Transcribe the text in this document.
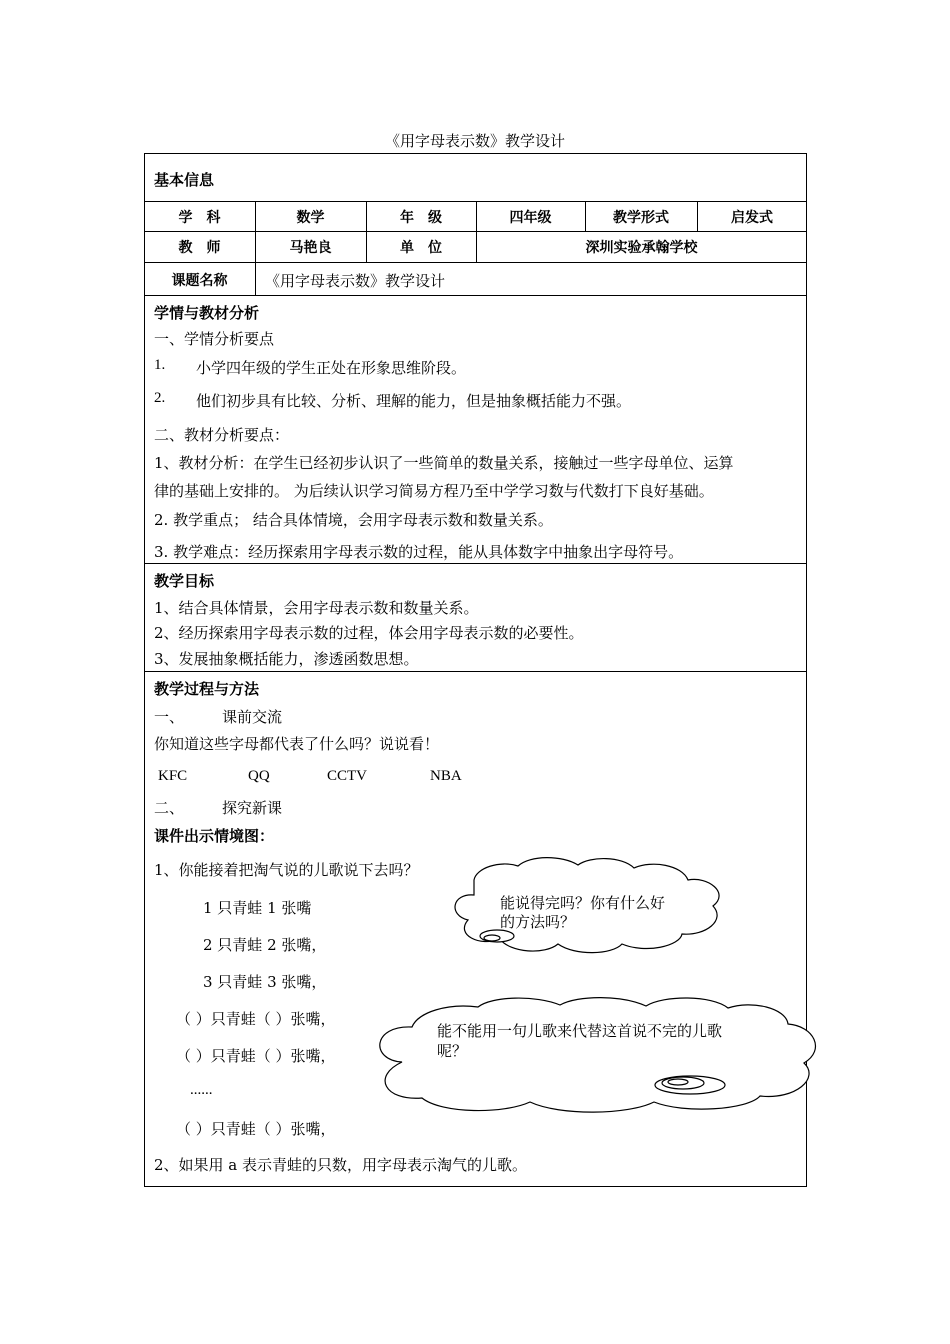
《用字母表示数》教学设计
基本信息
学　科	数学	年　级	四年级	教学形式	启发式
教　师	马艳良	单　位	深圳实验承翰学校
课题名称	《用字母表示数》教学设计
学情与教材分析
一、学情分析要点
1. 小学四年级的学生正处在形象思维阶段。
2. 他们初步具有比较、分析、理解的能力，但是抽象概括能力不强。
二、教材分析要点：
1、教材分析：在学生已经初步认识了一些简单的数量关系，接触过一些字母单位、运算
律的基础上安排的。 为后续认识学习简易方程乃至中学学习数与代数打下良好基础。
2. 教学重点； 结合具体情境，会用字母表示数和数量关系。
3. 教学难点：经历探索用字母表示数的过程，能从具体数字中抽象出字母符号。
教学目标
1、结合具体情景，会用字母表示数和数量关系。
2、经历探索用字母表示数的过程，体会用字母表示数的必要性。
3、发展抽象概括能力，渗透函数思想。
教学过程与方法
一、	课前交流
你知道这些字母都代表了什么吗？说说看！
KFC	QQ	CCTV	NBA
二、	探究新课
课件出示情境图：
1、你能接着把淘气说的儿歌说下去吗？
1 只青蛙 1 张嘴
2 只青蛙 2 张嘴，
3 只青蛙 3 张嘴，
（ ）只青蛙（ ）张嘴，
（ ）只青蛙（ ）张嘴，
......
（ ）只青蛙（ ）张嘴，
2、如果用 a 表示青蛙的只数，用字母表示淘气的儿歌。
能说得完吗？你有什么好的方法吗？
能不能用一句儿歌来代替这首说不完的儿歌呢？
